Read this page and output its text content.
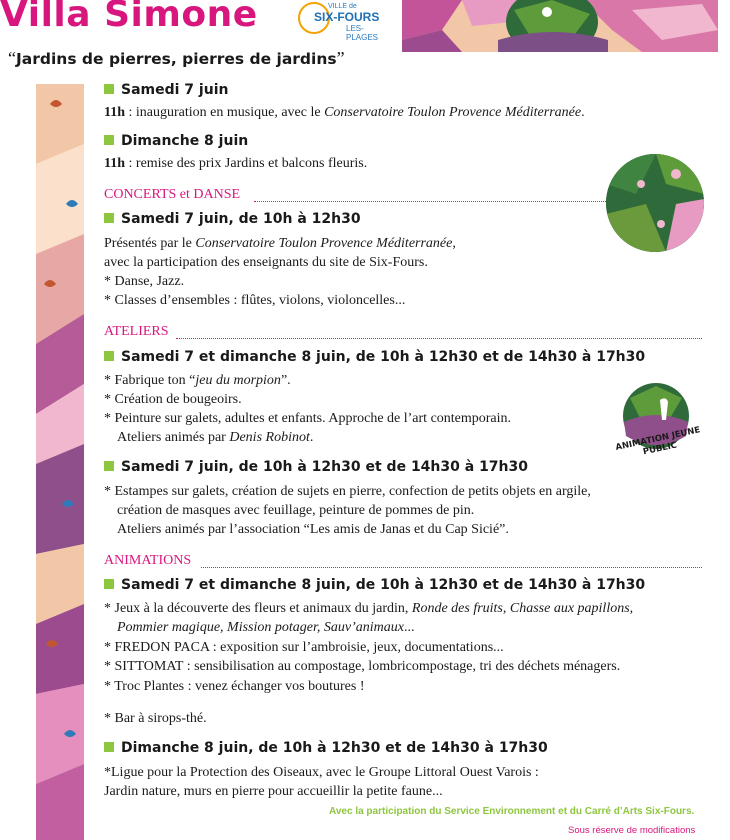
Villa Simone	VILLE de
SIX-FOURS
LES-PLAGES
“Jardins de pierres, pierres de jardins”
Samedi 7 juin
11h : inauguration en musique, avec le Conservatoire Toulon Provence Méditerranée.
Dimanche 8 juin
11h : remise des prix Jardins et balcons fleuris.
CONCERTS et DANSE
Samedi 7 juin, de 10h à 12h30
Présentés par le Conservatoire Toulon Provence Méditerranée,
avec la participation des enseignants du site de Six-Fours.
* Danse, Jazz.
* Classes d’ensembles : flûtes, violons, violoncelles...
ATELIERS
Samedi 7 et dimanche 8 juin, de 10h à 12h30 et de 14h30 à 17h30
* Fabrique ton “jeu du morpion”.
* Création de bougeoirs.
* Peinture sur galets, adultes et enfants. Approche de l’art contemporain.
Ateliers animés par Denis Robinot.	ANIMATION JEUNE PUBLIC
Samedi 7 juin, de 10h à 12h30 et de 14h30 à 17h30
* Estampes sur galets, création de sujets en pierre, confection de petits objets en argile,
création de masques avec feuillage, peinture de pommes de pin.
Ateliers animés par l’association “Les amis de Janas et du Cap Sicié”.
ANIMATIONS
Samedi 7 et dimanche 8 juin, de 10h à 12h30 et de 14h30 à 17h30
* Jeux à la découverte des fleurs et animaux du jardin, Ronde des fruits, Chasse aux papillons,
Pommier magique, Mission potager, Sauv’animaux...
* FREDON PACA : exposition sur l’ambroisie, jeux, documentations...
* SITTOMAT : sensibilisation au compostage, lombricompostage, tri des déchets ménagers.
* Troc Plantes : venez échanger vos boutures !
* Bar à sirops-thé.
Dimanche 8 juin, de 10h à 12h30 et de 14h30 à 17h30
*Ligue pour la Protection des Oiseaux, avec le Groupe Littoral Ouest Varois :
Jardin nature, murs en pierre pour accueillir la petite faune...
Avec la participation du Service Environnement et du Carré d’Arts Six-Fours.
Sous réserve de modifications
